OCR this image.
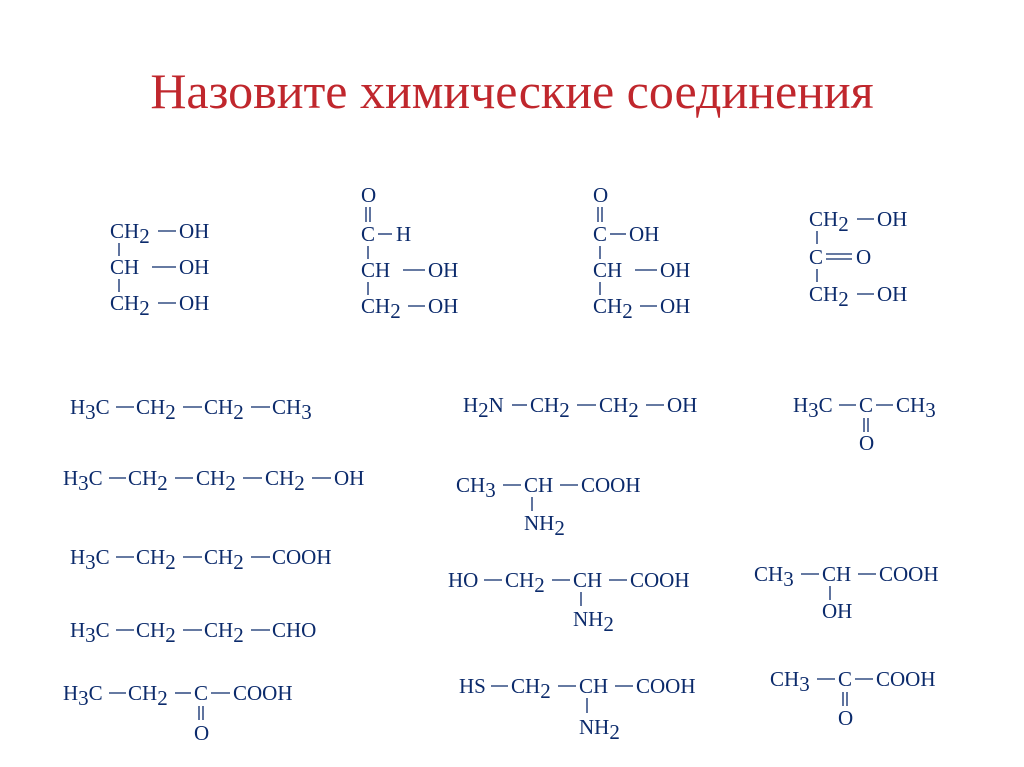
Назовите химические соединения
CH2 OH
CH OH
CH2 OH
O
C H
CH OH
CH2 OH
O
C OH
CH OH
CH2 OH
CH2 OH
C O
CH2 OH
H3C CH2 CH2 CH3
H3C CH2 CH2 CH2 OH
H3C CH2 CH2 COOH
H3C CH2 CH2 CHO
H3C CH2 C COOH
O
H2N CH2 CH2 OH
CH3 CH COOH
NH2
HO CH2 CH COOH
NH2
HS CH2 CH COOH
NH2
H3C C CH3
O
CH3 CH COOH
OH
CH3 C COOH
O
